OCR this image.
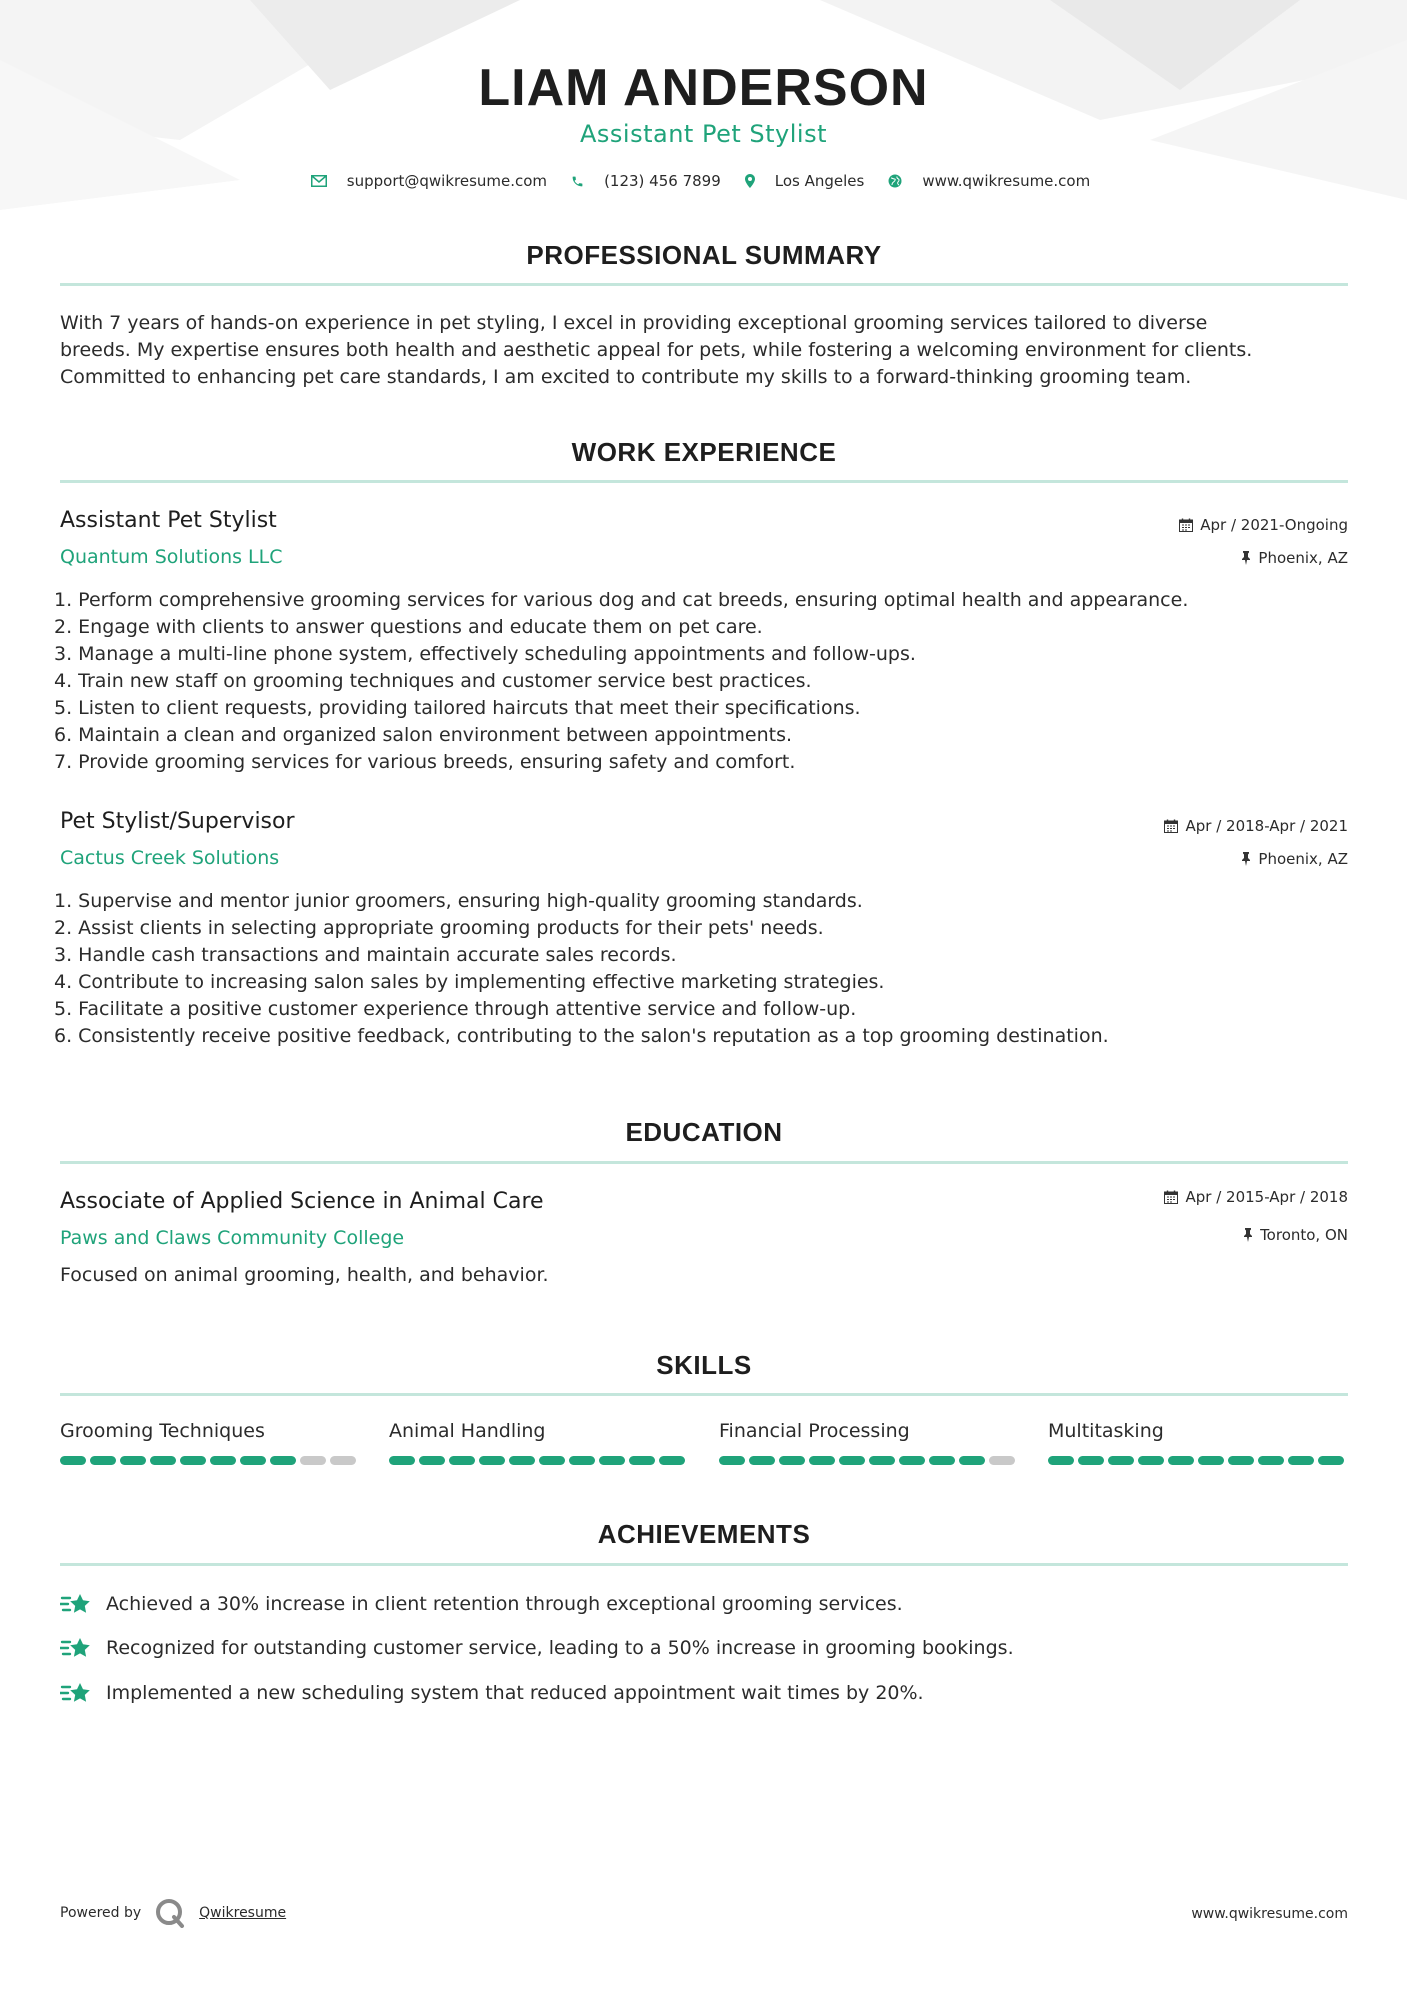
LIAM ANDERSON
Assistant Pet Stylist
support@qwikresume.com	(123) 456 7899	Los Angeles	www.qwikresume.com
PROFESSIONAL SUMMARY
With 7 years of hands-on experience in pet styling, I excel in providing exceptional grooming services tailored to diverse
breeds. My expertise ensures both health and aesthetic appeal for pets, while fostering a welcoming environment for clients.
Committed to enhancing pet care standards, I am excited to contribute my skills to a forward-thinking grooming team.
WORK EXPERIENCE
Assistant Pet Stylist
Quantum Solutions LLC
Apr / 2021-Ongoing
Phoenix, AZ
1. Perform comprehensive grooming services for various dog and cat breeds, ensuring optimal health and appearance.
2. Engage with clients to answer questions and educate them on pet care.
3. Manage a multi-line phone system, effectively scheduling appointments and follow-ups.
4. Train new staff on grooming techniques and customer service best practices.
5. Listen to client requests, providing tailored haircuts that meet their specifications.
6. Maintain a clean and organized salon environment between appointments.
7. Provide grooming services for various breeds, ensuring safety and comfort.
Pet Stylist/Supervisor
Cactus Creek Solutions
Apr / 2018-Apr / 2021
Phoenix, AZ
1. Supervise and mentor junior groomers, ensuring high-quality grooming standards.
2. Assist clients in selecting appropriate grooming products for their pets' needs.
3. Handle cash transactions and maintain accurate sales records.
4. Contribute to increasing salon sales by implementing effective marketing strategies.
5. Facilitate a positive customer experience through attentive service and follow-up.
6. Consistently receive positive feedback, contributing to the salon's reputation as a top grooming destination.
EDUCATION
Associate of Applied Science in Animal Care
Paws and Claws Community College
Apr / 2015-Apr / 2018
Toronto, ON
Focused on animal grooming, health, and behavior.
SKILLS
Grooming Techniques	Animal Handling	Financial Processing	Multitasking
ACHIEVEMENTS
Achieved a 30% increase in client retention through exceptional grooming services.
Recognized for outstanding customer service, leading to a 50% increase in grooming bookings.
Implemented a new scheduling system that reduced appointment wait times by 20%.
Powered by	Qwikresume	www.qwikresume.com
